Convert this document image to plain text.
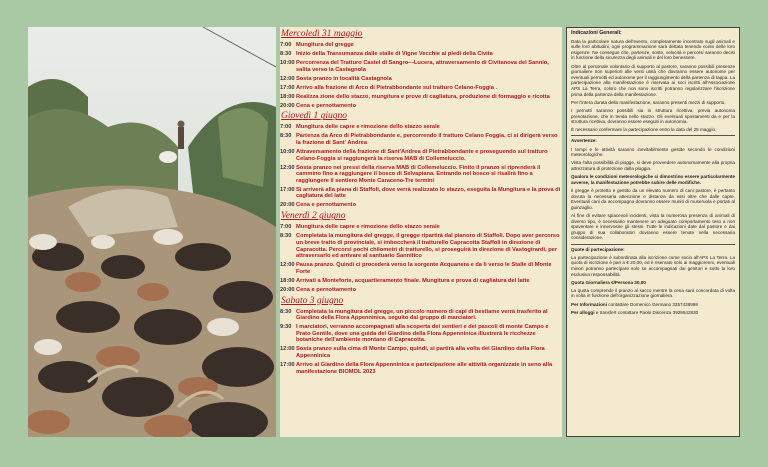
Mercoledì 31 maggio
7:00 Mungitura del gregge
8:30 Inizio della Transumanza dalle stalle di Vigne Vecchie ai piedi della Civita
10:00 Percorrenza del Tratturo Castel di Sangro—Lucera, attraversamento di Civitanova del Sannio, salita verso la Castagnola
12:00 Sosta pranzo in località Castagnola
17:00 Arrivo alla frazione di Arco di Pietrabbondante sul tratturo Celano-Foggia .
18:00 Realizza zione dello stazzo, mungitura e prove di cagliatura, produzione di formaggio e ricotta
20:00 Cena e pernottamento
Giovedì 1 giugno
7:00 Mungitura delle capre e rimozione dello stazzo serale
8:30 Partenza da Arco di Pietrabbondante e, percorrendo il tratturo Celano Foggia, ci si dirigerà verso la frazione di Sant' Andrea
10:00 Attraversamento della frazione di Sant'Andrea di Pietrabbondante e proseguendo sul tratturo Celano-Foggia si raggiungerà la riserva MAB di Collemeluccio.
12:00 Sosta pranzo nei pressi della riserva MAB di Collemeluccio. Finito il pranzo si riprenderà il cammino fino a raggiungere il bosco di Selvapiana. Entrando nel bosco si risalirà fino a raggiungere il sentiero Monte Caraceno-Tre termini
17:00 Si arriverà alla piana di Staffoli, dove verrà realizzato lo stazzo, eseguita la Mungitura e la prova di cagliatura del latte
20:00 Cena e pernottamento
Venerdì 2 giugno
7:00 Mungitura delle capre e rimozione dello stazzo serale
8:30 Completata la mungitura del gregge, il gregge ripartirà dal pianoro di Staffoli. Dopo aver percorso un breve tratto di provinciale, si imboccherà il tratturello Capracotta Staffoli in direzione di Capracotta. Percorsi pochi chilometri di tratturello, si proseguirà in direzione di Vastogirardi, per attraversarlo ed arrivare al santuario Sannitico
12:00 Pausa pranzo. Quindi ci procederà verso la sorgente Acquanera e da lì verso le Stalle di Monte Forte
18:00 Arrivati a Monteforte, acquartieramento finale. Mungitura e prova di cagliatura del latte
20:00 Cena e pernottamento
Sabato 3 giugno
8:30 Completata la mungitura del gregge, un piccolo numero di capi di bestiame verrà trasferito al Giardino della Flora Appenninica, seguito dal gruppo di marciatori.
9:30 I marciatori, verranno accompagnati alla scoperta dei sentieri e dei pascoli di monte Campo e Prato Gentile, dove una guida del Giardino della Flora Appenninica illustrerà le ricchezze botaniche dell'ambiente montano di Capracotta.
12:00 Sosta pranzo sulla cima di Monte Campo, quindi, si partirà alla volta del Giardino della Flora Appenninica
17:00 Arrivo al Giardino della Flora Appenninica e partecipazione alle attività organizzate in seno alla manifestazione BIOMOL 2023
Indicazioni Generali:

Data la particolare natura dell'evento, completamente incentrato sugli animali e sulle loro abitudini, ogni programmazione sarà dettata tenendo conto delle loro esigenze. Ne consegue che, partenze, soste, velocità e percorsi saranno decisi in funzione della sicurezza degli animali e del loro benessere.

Oltre al personale volontario di supporto al pastore, saranno possibili presenze giornaliere non superiori alle venti unità che dovranno essere autonome per eventuali permotti ed autonome per il raggiungimento della partenza di tappa. La partecipazione alla manifestazione è riservata ai soci iscritti all'Associazione APS La Terra, coloro che non sono iscritti potranno regolarizzare l'iscrizione prima della partenza della manifestazione.

Per l'intera durata della manifestazione, saranno presenti mezzi di supporto.

I pernotti saranno possibili sia in struttura ricettiva, previa autonoma prenotazione, che in tenda nello stazzo. Gli eventuali spostamenti da e per la struttura ricettiva, dovranno essere eseguiti in autonomia.

È necessario confermare la partecipazione entro la data del 25 maggio.

Avvertenze:

I tempi e le attività saranno inevitabilmente gestite secondo le condizioni meteorologiche.

Vista l'alta possibilità di piogge, si deve provvedere autonomamente alla propria attrezzatura di protezione dalla pioggia.

Qualora le condizioni meteorologiche si dimostrino essere particolarmente avverse, la manifestazione potrebbe subire delle modifiche.

Il gregge è protetto e gestito da un elevato numero di cani pastore, è pertanto dovuta la necessaria attenzione e distanza da essi oltre che dalle capre. Eventuali cani da accompagno dovranno essere muniti di museruola e portati al guinzaglio.

Al fine di evitare spiacevoli incidenti, vista la numerosa presenza di animali di diverso tipo, è necessario mantenere un adeguato comportamento teso a non spaventare e innervosire gli stessi. Tutte le indicazioni date dal pastore e dai gruppo di sua collaboratori dovranno essere tenute nella necessaria considerazione.

Quote di partecipazione:

La partecipazione è subordinata alla iscrizione come socio all'APS La Terra. La quota di iscrizione è pari a € 20,00, ed è riservato solo ai maggiorenni, eventuali minori potranno partecipare solo se accompagnati dai genitori e sotto la loro esclusiva responsabilità.

Quota Giornaliera €/Persona 30,00

La quota comprende il pranzo al sacco mentre la cena sarà concordata di volta in volta in funzione dell'organizzazione giornaliera.

Per Informazioni contattare Domenico Germano 3357436998

Per alloggi e transfert contattare Paolo Discenza 3929542830
